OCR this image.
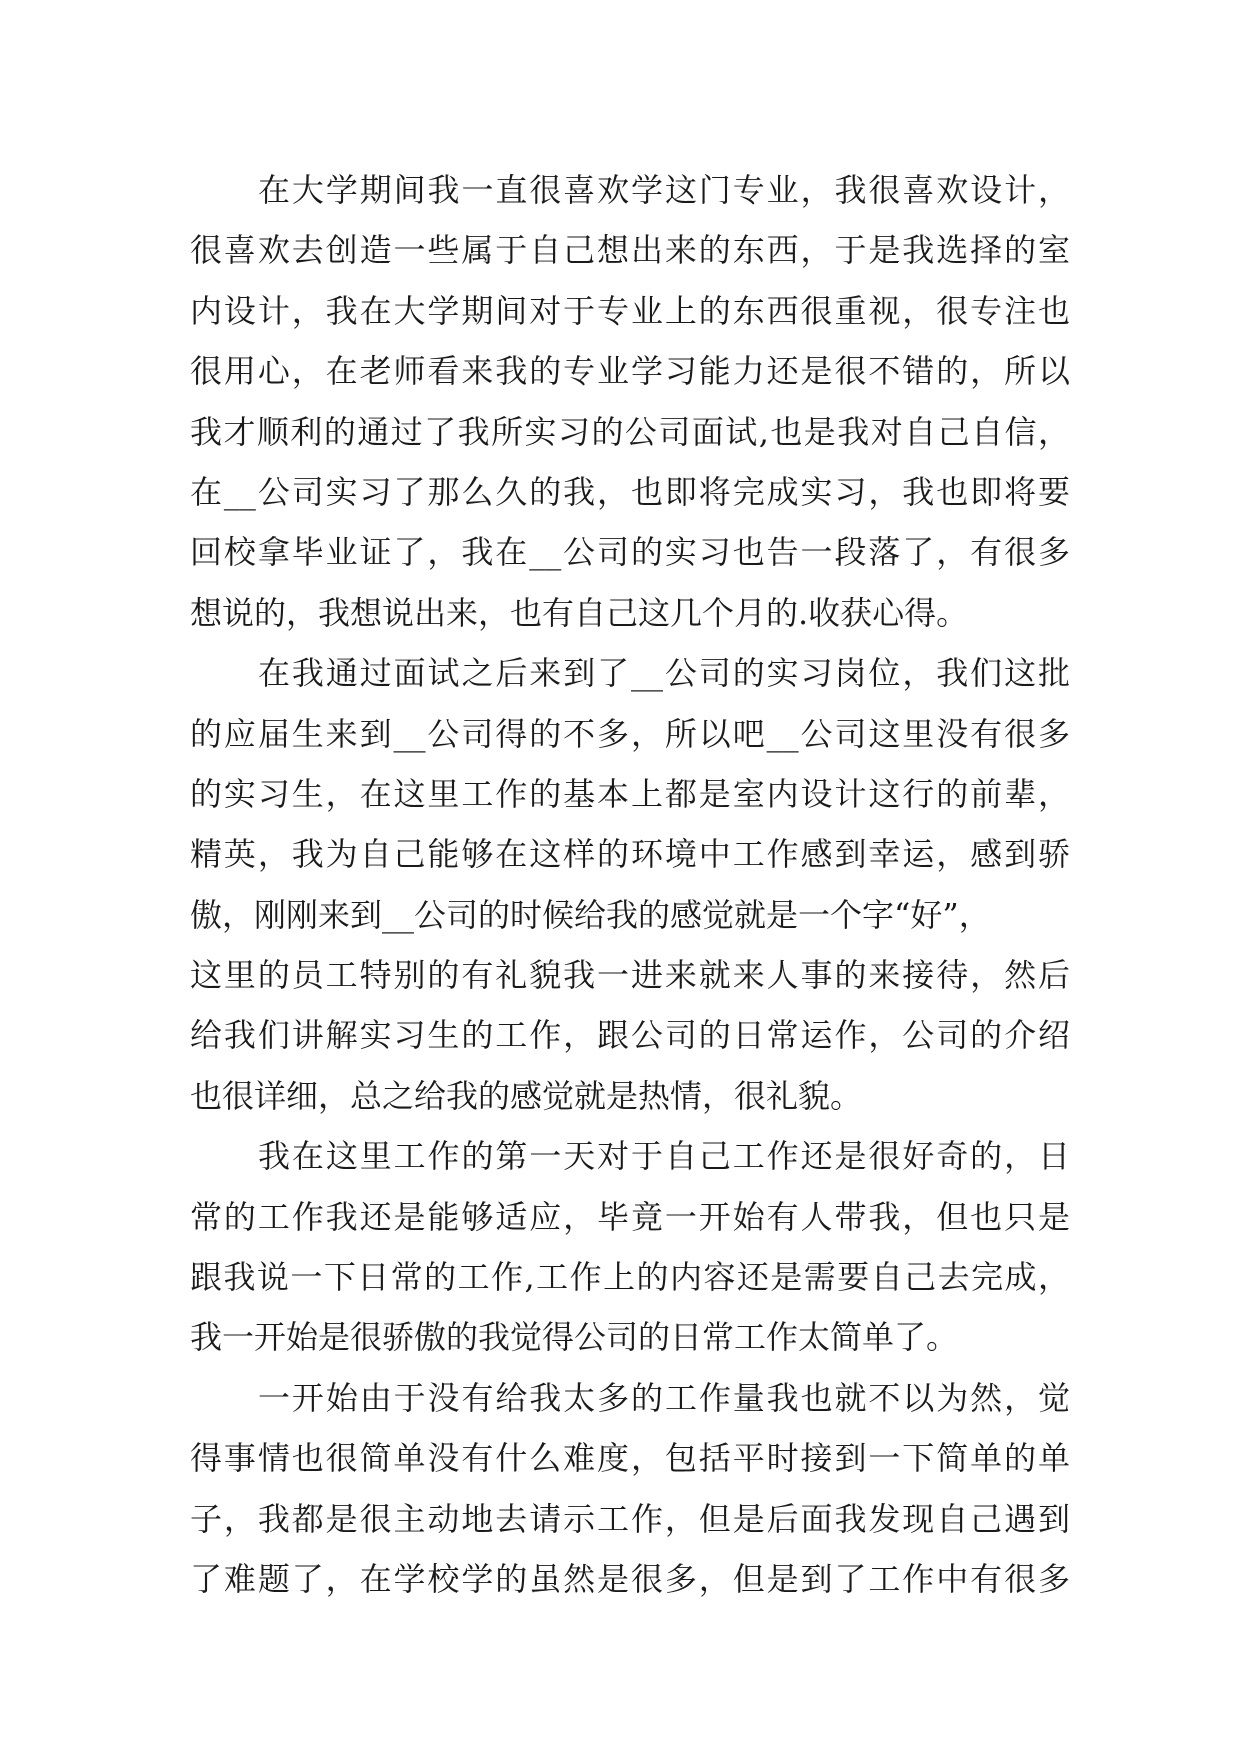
在大学期间我一直很喜欢学这门专业，我很喜欢设计，
很喜欢去创造一些属于自己想出来的东西，于是我选择的室
内设计，我在大学期间对于专业上的东西很重视，很专注也
很用心，在老师看来我的专业学习能力还是很不错的，所以
我才顺利的通过了我所实习的公司面试,也是我对自己自信，
在__公司实习了那么久的我，也即将完成实习，我也即将要
回校拿毕业证了，我在__公司的实习也告一段落了，有很多
想说的，我想说出来，也有自己这几个月的.收获心得。
在我通过面试之后来到了__公司的实习岗位，我们这批
的应届生来到__公司得的不多，所以吧__公司这里没有很多
的实习生，在这里工作的基本上都是室内设计这行的前辈，
精英，我为自己能够在这样的环境中工作感到幸运，感到骄
傲，刚刚来到__公司的时候给我的感觉就是一个字“好”，
这里的员工特别的有礼貌我一进来就来人事的来接待，然后
给我们讲解实习生的工作，跟公司的日常运作，公司的介绍
也很详细，总之给我的感觉就是热情，很礼貌。
我在这里工作的第一天对于自己工作还是很好奇的，日
常的工作我还是能够适应，毕竟一开始有人带我，但也只是
跟我说一下日常的工作,工作上的内容还是需要自己去完成，
我一开始是很骄傲的我觉得公司的日常工作太简单了。
一开始由于没有给我太多的工作量我也就不以为然，觉
得事情也很简单没有什么难度，包括平时接到一下简单的单
子，我都是很主动地去请示工作，但是后面我发现自己遇到
了难题了，在学校学的虽然是很多，但是到了工作中有很多
